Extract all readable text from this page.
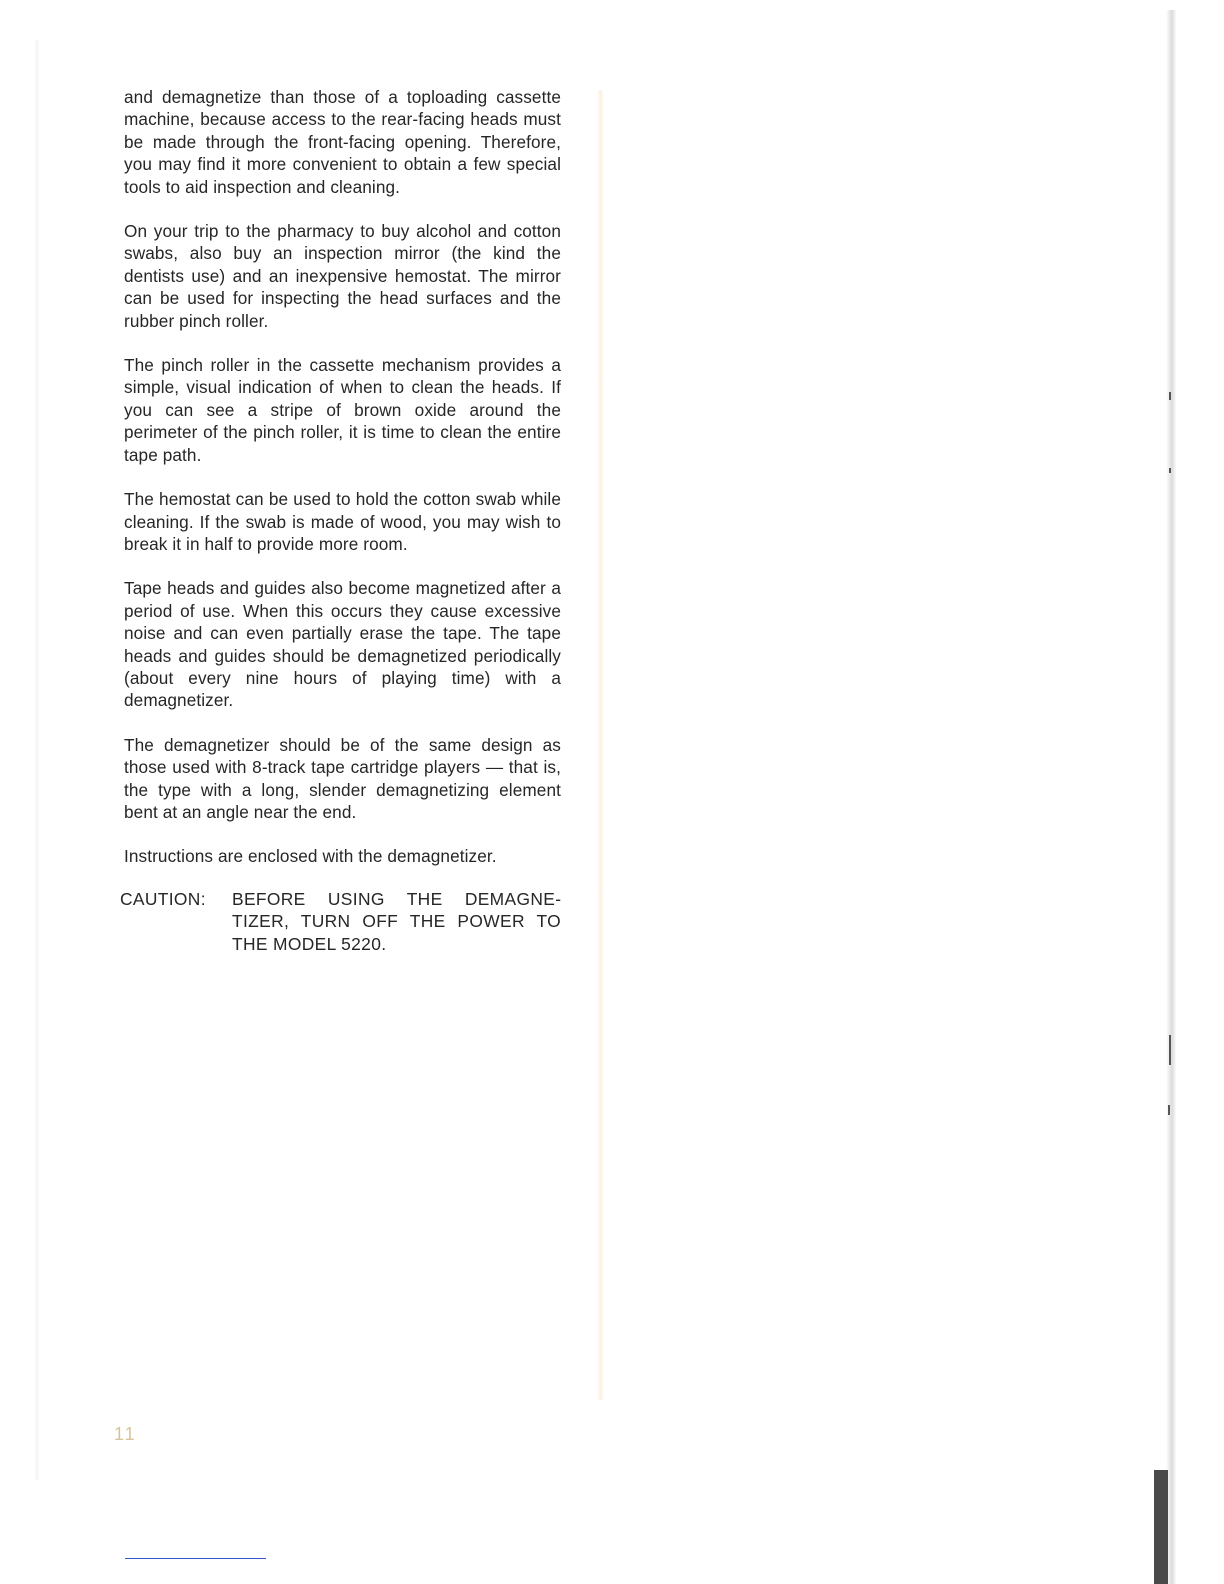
and demagnetize than those of a toploading cassette machine, because access to the rear-facing heads must be made through the front-facing opening. Therefore, you may find it more convenient to obtain a few special tools to aid inspection and cleaning.

On your trip to the pharmacy to buy alcohol and cotton swabs, also buy an inspection mirror (the kind the dentists use) and an inexpensive hemostat. The mirror can be used for inspecting the head surfaces and the rubber pinch roller.

The pinch roller in the cassette mechanism provides a simple, visual indication of when to clean the heads. If you can see a stripe of brown oxide around the perimeter of the pinch roller, it is time to clean the entire tape path.

The hemostat can be used to hold the cotton swab while cleaning. If the swab is made of wood, you may wish to break it in half to provide more room.

Tape heads and guides also become magnetized after a period of use. When this occurs they cause excessive noise and can even partially erase the tape. The tape heads and guides should be demagnetized periodically (about every nine hours of playing time) with a demagnetizer.

The demagnetizer should be of the same design as those used with 8-track tape cartridge players — that is, the type with a long, slender demagnetizing element bent at an angle near the end.

Instructions are enclosed with the demagnetizer.

CAUTION:	BEFORE USING THE DEMAGNETIZER, TURN OFF THE POWER TO THE MODEL 5220.
11
